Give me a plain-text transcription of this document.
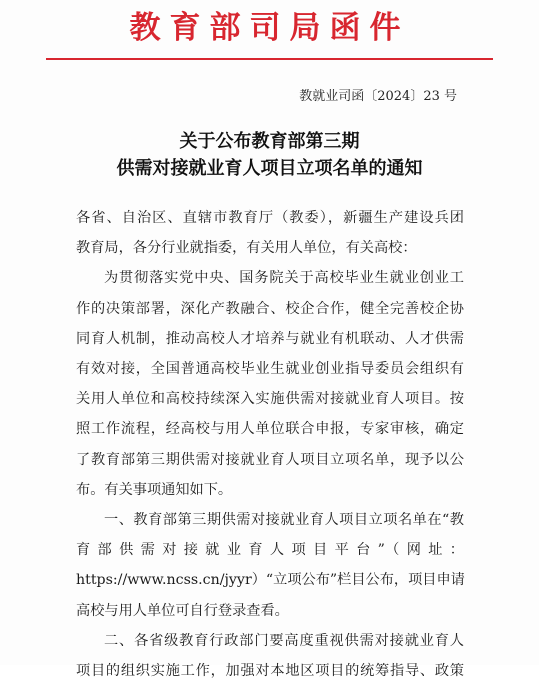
教育部司局函件
教就业司函〔2024〕23 号
关于公布教育部第三期
供需对接就业育人项目立项名单的通知

各省、自治区、直辖市教育厅（教委），新疆生产建设兵团
教育局，各分行业就指委，有关用人单位，有关高校：

为贯彻落实党中央、国务院关于高校毕业生就业创业工
作的决策部署，深化产教融合、校企合作，健全完善校企协
同育人机制，推动高校人才培养与就业有机联动、人才供需
有效对接，全国普通高校毕业生就业创业指导委员会组织有
关用人单位和高校持续深入实施供需对接就业育人项目。按
照工作流程，经高校与用人单位联合申报，专家审核，确定
了教育部第三期供需对接就业育人项目立项名单，现予以公
布。有关事项通知如下。

一、教育部第三期供需对接就业育人项目立项名单在“教
育部供需对接就业育人项目平台”（网址：
https://www.ncss.cn/jyyr）“立项公布”栏目公布，项目申请
高校与用人单位可自行登录查看。

二、各省级教育行政部门要高度重视供需对接就业育人
项目的组织实施工作，加强对本地区项目的统筹指导、政策
